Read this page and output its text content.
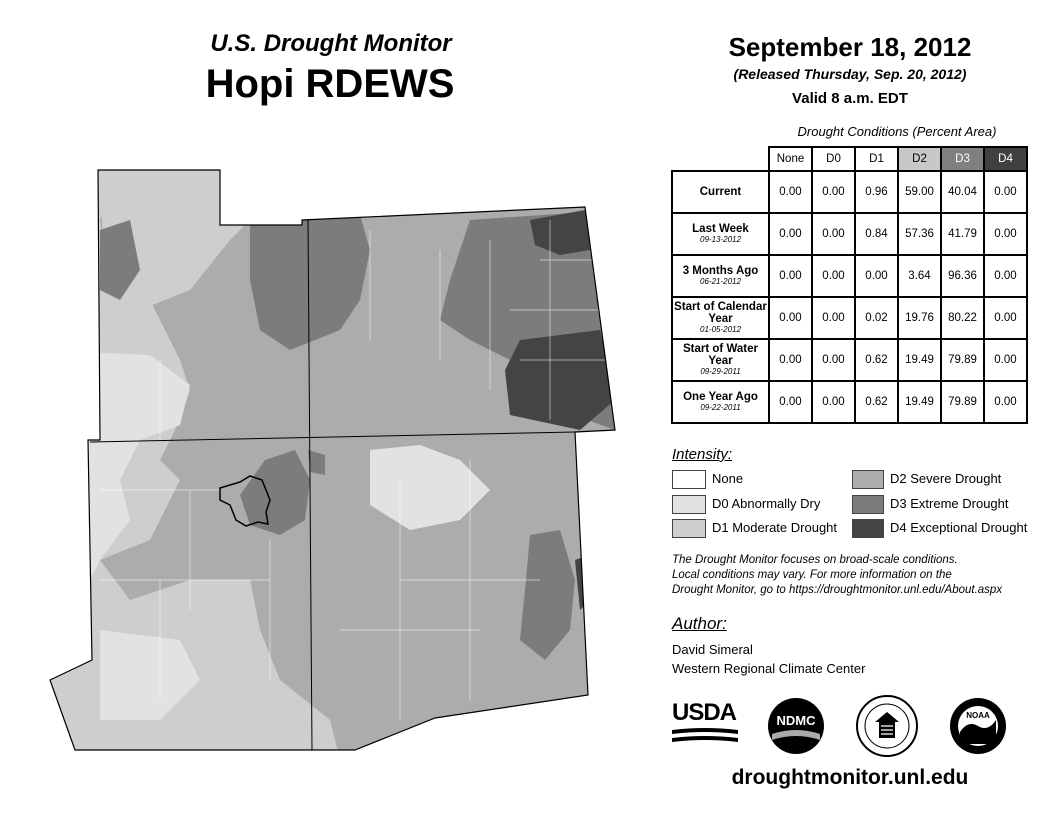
U.S. Drought Monitor
Hopi RDEWS
September 18, 2012
(Released Thursday, Sep. 20, 2012)
Valid 8 a.m. EDT
Drought Conditions (Percent Area)
	None	D0	D1	D2	D3	D4
Current	0.00	0.00	0.96	59.00	40.04	0.00
Last Week
09-13-2012	0.00	0.00	0.84	57.36	41.79	0.00
3 Months Ago
06-21-2012	0.00	0.00	0.00	3.64	96.36	0.00
Start of Calendar Year
01-05-2012	0.00	0.00	0.02	19.76	80.22	0.00
Start of Water Year
09-29-2011	0.00	0.00	0.62	19.49	79.89	0.00
One Year Ago
09-22-2011	0.00	0.00	0.62	19.49	79.89	0.00
Intensity:
None
D0 Abnormally Dry
D1 Moderate Drought
D2 Severe Drought
D3 Extreme Drought
D4 Exceptional Drought
The Drought Monitor focuses on broad-scale conditions.
Local conditions may vary. For more information on the
Drought Monitor, go to https://droughtmonitor.unl.edu/About.aspx
Author:
David Simeral
Western Regional Climate Center
USDA	NDMC	NOAA
droughtmonitor.unl.edu
